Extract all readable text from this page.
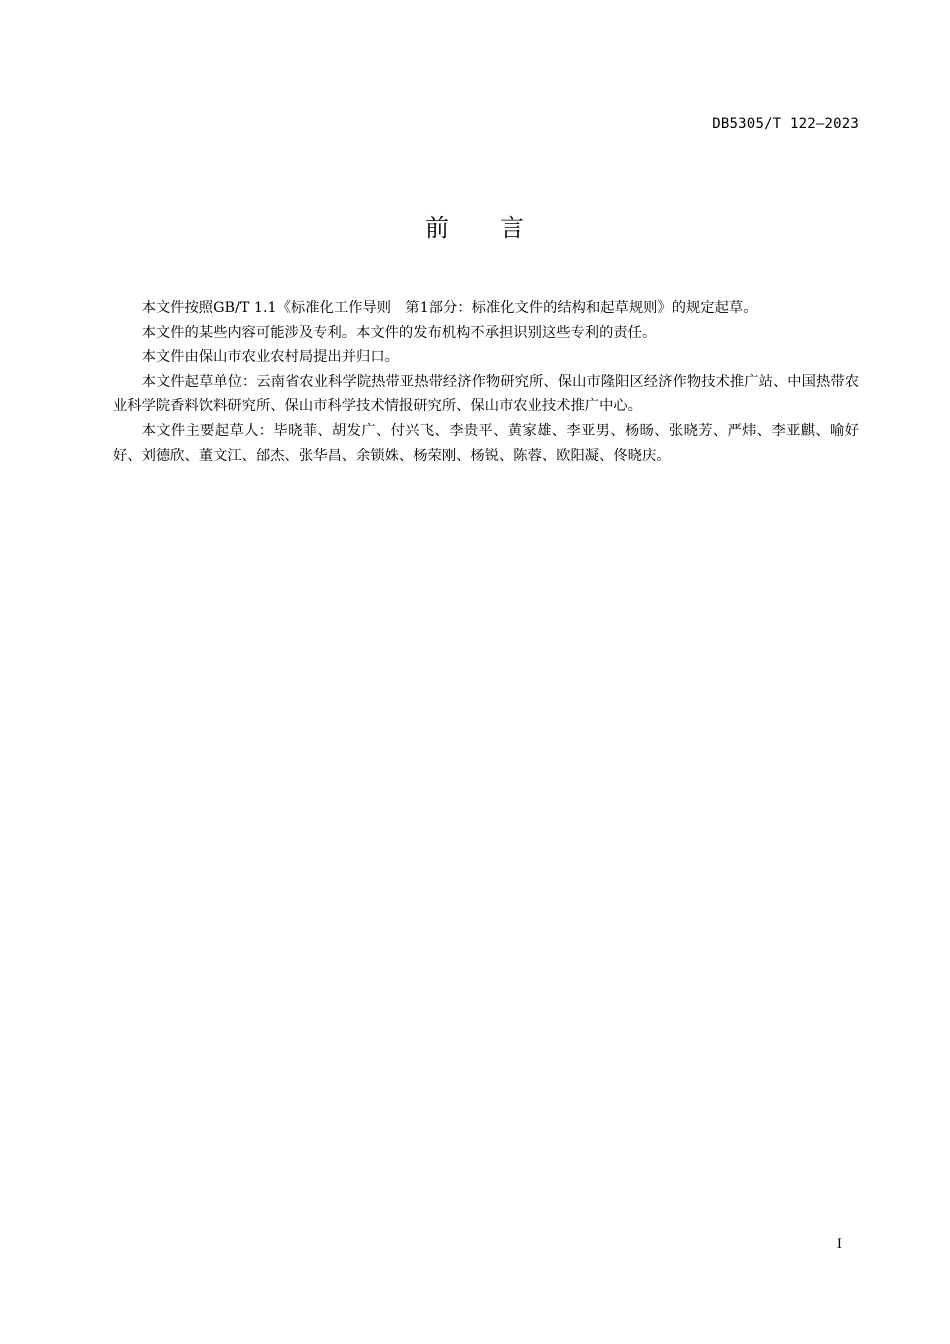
DB5305/T 122—2023
前　　言

本文件按照GB/T 1.1《标准化工作导则　第1部分：标准化文件的结构和起草规则》的规定起草。

本文件的某些内容可能涉及专利。本文件的发布机构不承担识别这些专利的责任。

本文件由保山市农业农村局提出并归口。

本文件起草单位：云南省农业科学院热带亚热带经济作物研究所、保山市隆阳区经济作物技术推广站、中国热带农业科学院香料饮料研究所、保山市科学技术情报研究所、保山市农业技术推广中心。

本文件主要起草人：毕晓菲、胡发广、付兴飞、李贵平、黄家雄、李亚男、杨旸、张晓芳、严炜、李亚麒、喻好好、刘德欣、董文江、邰杰、张华昌、余锁姝、杨荣刚、杨锐、陈蓉、欧阳凝、佟晓庆。

I
